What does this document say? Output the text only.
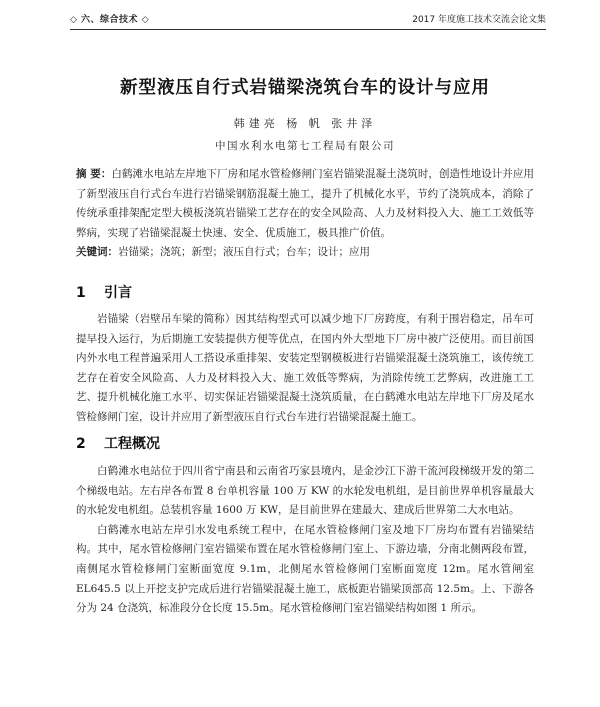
◇ 六、综合技术 ◇	2017 年度施工技术交流会论文集
新型液压自行式岩锚梁浇筑台车的设计与应用
韩建亮 杨 帆 张井泽
中国水利水电第七工程局有限公司
摘 要：白鹤滩水电站左岸地下厂房和尾水管检修闸门室岩锚梁混凝土浇筑时，创造性地设计并应用了新型液压自行式台车进行岩锚梁钢筋混凝土施工，提升了机械化水平，节约了浇筑成本，消除了传统承重排架配定型大模板浇筑岩锚梁工艺存在的安全风险高、人力及材料投入大、施工工效低等弊病，实现了岩锚梁混凝土快速、安全、优质施工，极具推广价值。
关键词：岩锚梁；浇筑；新型；液压自行式；台车；设计；应用
1 引言

岩锚梁（岩壁吊车梁的简称）因其结构型式可以减少地下厂房跨度，有利于围岩稳定，吊车可提早投入运行，为后期施工安装提供方便等优点，在国内外大型地下厂房中被广泛使用。而目前国内外水电工程普遍采用人工搭设承重排架、安装定型钢模板进行岩锚梁混凝土浇筑施工，该传统工艺存在着安全风险高、人力及材料投入大、施工效低等弊病，为消除传统工艺弊病，改进施工工艺、提升机械化施工水平、切实保证岩锚梁混凝土浇筑质量，在白鹤滩水电站左岸地下厂房及尾水管检修闸门室，设计并应用了新型液压自行式台车进行岩锚梁混凝土施工。

2 工程概况

白鹤滩水电站位于四川省宁南县和云南省巧家县境内，是金沙江下游干流河段梯级开发的第二个梯级电站。左右岸各布置 8 台单机容量 100 万 KW 的水轮发电机组，是目前世界单机容量最大的水轮发电机组。总装机容量 1600 万 KW，是目前世界在建最大、建成后世界第二大水电站。

白鹤滩水电站左岸引水发电系统工程中，在尾水管检修闸门室及地下厂房均布置有岩锚梁结构。其中，尾水管检修闸门室岩锚梁布置在尾水管检修闸门室上、下游边墙，分南北侧两段布置，南侧尾水管检修闸门室断面宽度 9.1m，北侧尾水管检修闸门室断面宽度 12m。尾水管闸室 EL645.5 以上开挖支护完成后进行岩锚梁混凝土施工，底板距岩锚梁顶部高 12.5m。上、下游各分为 24 仓浇筑，标准段分仓长度 15.5m。尾水管检修闸门室岩锚梁结构如图 1 所示。
